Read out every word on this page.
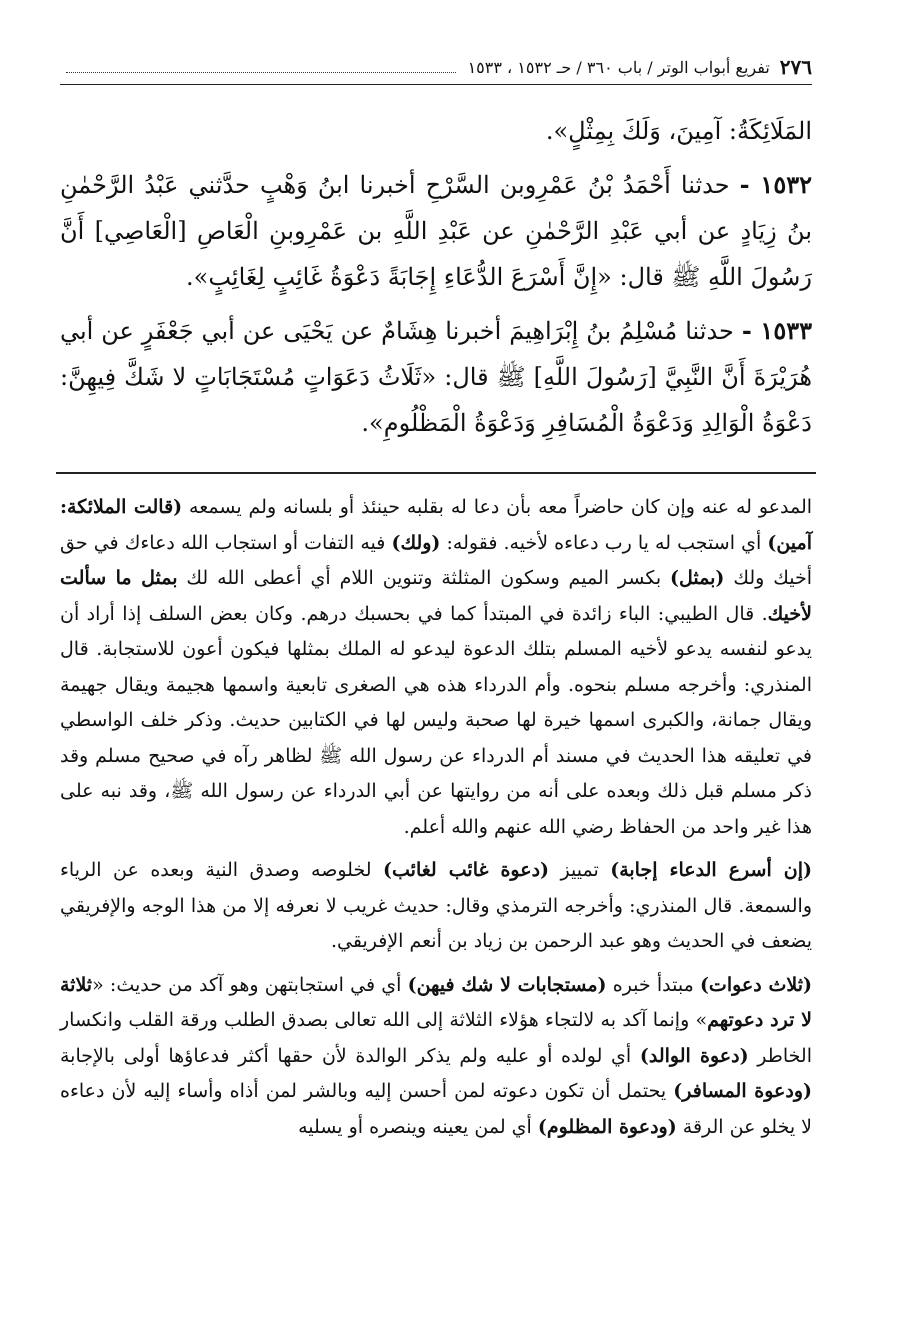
٢٧٦
تفريع أبواب الوتر / باب ٣٦٠ / حـ ١٥٣٢ ، ١٥٣٣

المَلَائِكَةُ: آمِينَ، وَلَكَ بِمِثْلٍ».

١٥٣٢ - حدثنا أَحْمَدُ بْنُ عَمْرِوبن السَّرْحِ أخبرنا ابنُ وَهْبٍ حدَّثني عَبْدُ الرَّحْمٰنِ بنُ زِيَادٍ عن أبي عَبْدِ الرَّحْمٰنِ عن عَبْدِ اللَّهِ بن عَمْرِوبنِ الْعَاصِ [الْعَاصِي] أَنَّ رَسُولَ اللَّهِ ﷺ قال: «إِنَّ أَسْرَعَ الدُّعَاءِ إِجَابَةً دَعْوَةُ غَائِبٍ لِغَائِبٍ».

١٥٣٣ - حدثنا مُسْلِمُ بنُ إِبْرَاهِيمَ أخبرنا هِشَامٌ عن يَحْيَى عن أبي جَعْفَرٍ عن أبي هُرَيْرَةَ أَنَّ النَّبِيَّ [رَسُولَ اللَّهِ] ﷺ قال: «ثَلَاثُ دَعَوَاتٍ مُسْتَجَابَاتٍ لا شَكَّ فِيهِنَّ: دَعْوَةُ الْوَالِدِ وَدَعْوَةُ الْمُسَافِرِ وَدَعْوَةُ الْمَظْلُومِ».

المدعو له عنه وإن كان حاضراً معه بأن دعا له بقلبه حينئذ أو بلسانه ولم يسمعه (قالت الملائكة: آمين) أي استجب له يا رب دعاءه لأخيه. فقوله: (ولك) فيه التفات أو استجاب الله دعاءك في حق أخيك ولك (بمثل) بكسر الميم وسكون المثلثة وتنوين اللام أي أعطى الله لك بمثل ما سألت لأخيك. قال الطيبي: الباء زائدة في المبتدأ كما في بحسبك درهم. وكان بعض السلف إذا أراد أن يدعو لنفسه يدعو لأخيه المسلم بتلك الدعوة ليدعو له الملك بمثلها فيكون أعون للاستجابة. قال المنذري: وأخرجه مسلم بنحوه. وأم الدرداء هذه هي الصغرى تابعية واسمها هجيمة ويقال جهيمة ويقال جمانة، والكبرى اسمها خيرة لها صحبة وليس لها في الكتابين حديث. وذكر خلف الواسطي في تعليقه هذا الحديث في مسند أم الدرداء عن رسول الله ﷺ لظاهر رآه في صحيح مسلم وقد ذكر مسلم قبل ذلك وبعده على أنه من روايتها عن أبي الدرداء عن رسول الله ﷺ، وقد نبه على هذا غير واحد من الحفاظ رضي الله عنهم والله أعلم.

(إن أسرع الدعاء إجابة) تمييز (دعوة غائب لغائب) لخلوصه وصدق النية وبعده عن الرياء والسمعة. قال المنذري: وأخرجه الترمذي وقال: حديث غريب لا نعرفه إلا من هذا الوجه والإفريقي يضعف في الحديث وهو عبد الرحمن بن زياد بن أنعم الإفريقي.

(ثلاث دعوات) مبتدأ خبره (مستجابات لا شك فيهن) أي في استجابتهن وهو آكد من حديث: «ثلاثة لا ترد دعوتهم» وإنما آكد به لالتجاء هؤلاء الثلاثة إلى الله تعالى بصدق الطلب ورقة القلب وانكسار الخاطر (دعوة الوالد) أي لولده أو عليه ولم يذكر الوالدة لأن حقها أكثر فدعاؤها أولى بالإجابة (ودعوة المسافر) يحتمل أن تكون دعوته لمن أحسن إليه وبالشر لمن أذاه وأساء إليه لأن دعاءه لا يخلو عن الرقة (ودعوة المظلوم) أي لمن يعينه وينصره أو يسليه
